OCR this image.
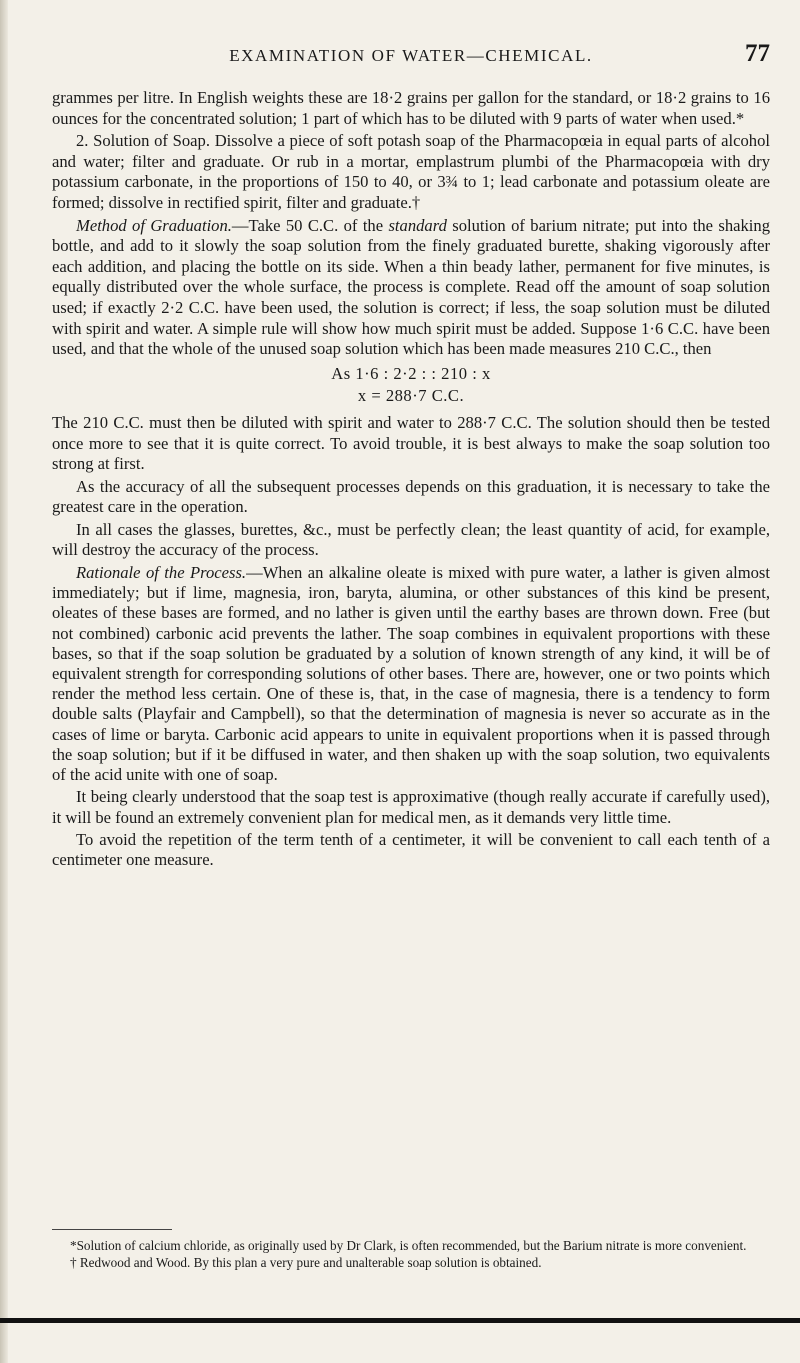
EXAMINATION OF WATER—CHEMICAL.	77

grammes per litre. In English weights these are 18·2 grains per gallon for the standard, or 18·2 grains to 16 ounces for the concentrated solution; 1 part of which has to be diluted with 9 parts of water when used.*

2. Solution of Soap. Dissolve a piece of soft potash soap of the Pharmacopœia in equal parts of alcohol and water; filter and graduate. Or rub in a mortar, emplastrum plumbi of the Pharmacopœia with dry potassium carbonate, in the proportions of 150 to 40, or 3¾ to 1; lead carbonate and potassium oleate are formed; dissolve in rectified spirit, filter and graduate.†

Method of Graduation.—Take 50 C.C. of the standard solution of barium nitrate; put into the shaking bottle, and add to it slowly the soap solution from the finely graduated burette, shaking vigorously after each addition, and placing the bottle on its side. When a thin beady lather, permanent for five minutes, is equally distributed over the whole surface, the process is complete. Read off the amount of soap solution used; if exactly 2·2 C.C. have been used, the solution is correct; if less, the soap solution must be diluted with spirit and water. A simple rule will show how much spirit must be added. Suppose 1·6 C.C. have been used, and that the whole of the unused soap solution which has been made measures 210 C.C., then

As 1·6 : 2·2 : : 210 : x
x = 288·7 C.C.

The 210 C.C. must then be diluted with spirit and water to 288·7 C.C. The solution should then be tested once more to see that it is quite correct. To avoid trouble, it is best always to make the soap solution too strong at first.

As the accuracy of all the subsequent processes depends on this graduation, it is necessary to take the greatest care in the operation.

In all cases the glasses, burettes, &c., must be perfectly clean; the least quantity of acid, for example, will destroy the accuracy of the process.

Rationale of the Process.—When an alkaline oleate is mixed with pure water, a lather is given almost immediately; but if lime, magnesia, iron, baryta, alumina, or other substances of this kind be present, oleates of these bases are formed, and no lather is given until the earthy bases are thrown down. Free (but not combined) carbonic acid prevents the lather. The soap combines in equivalent proportions with these bases, so that if the soap solution be graduated by a solution of known strength of any kind, it will be of equivalent strength for corresponding solutions of other bases. There are, however, one or two points which render the method less certain. One of these is, that, in the case of magnesia, there is a tendency to form double salts (Playfair and Campbell), so that the determination of magnesia is never so accurate as in the cases of lime or baryta. Carbonic acid appears to unite in equivalent proportions when it is passed through the soap solution; but if it be diffused in water, and then shaken up with the soap solution, two equivalents of the acid unite with one of soap.

It being clearly understood that the soap test is approximative (though really accurate if carefully used), it will be found an extremely convenient plan for medical men, as it demands very little time.

To avoid the repetition of the term tenth of a centimeter, it will be convenient to call each tenth of a centimeter one measure.

*Solution of calcium chloride, as originally used by Dr Clark, is often recommended, but the Barium nitrate is more convenient.

† Redwood and Wood. By this plan a very pure and unalterable soap solution is obtained.
